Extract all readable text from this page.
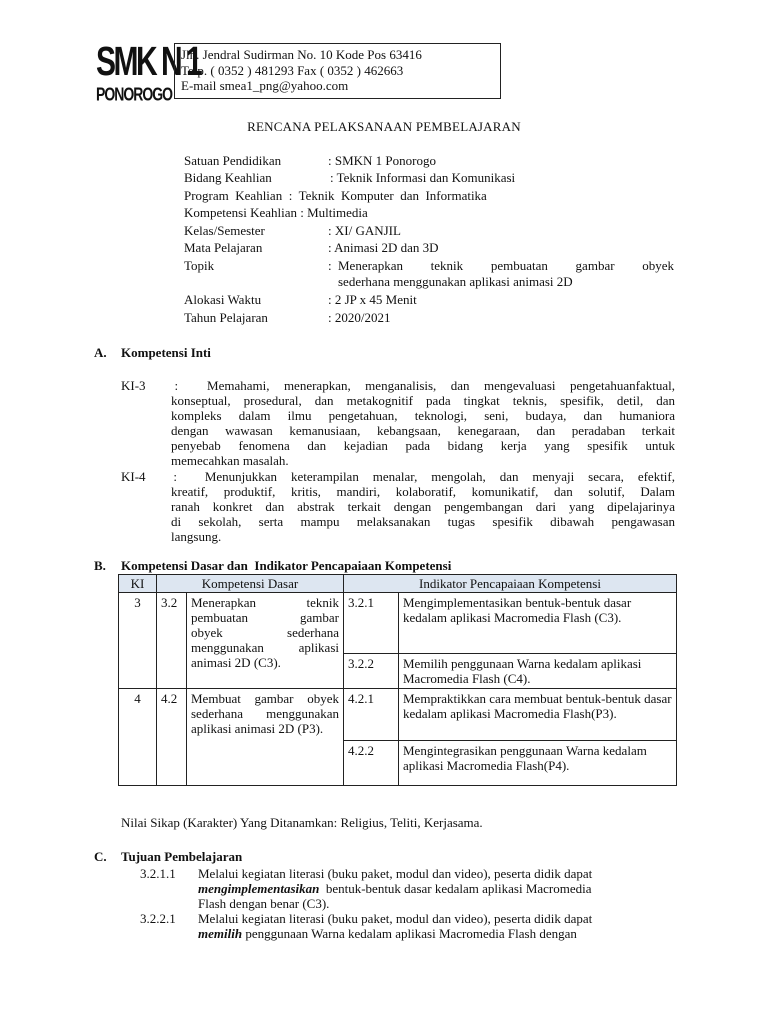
SMK N 1
PONOROGO
Jln. Jendral Sudirman No. 10 Kode Pos 63416
Telp. ( 0352 ) 481293 Fax ( 0352 ) 462663
E-mail smea1_png@yahoo.com
RENCANA PELAKSANAAN PEMBELAJARAN
Satuan Pendidikan	: SMKN 1 Ponorogo
Bidang Keahlian	: Teknik Informasi dan Komunikasi
Program  Keahlian  :  Teknik  Komputer  dan  Informatika
Kompetensi Keahlian : Multimedia
Kelas/Semester	: XI/ GANJIL
Mata Pelajaran	: Animasi 2D dan 3D
Topik	: Menerapkan   teknik   pembuatan   gambar   obyek
sederhana menggunakan aplikasi animasi 2D
Alokasi Waktu	: 2 JP x 45 Menit
Tahun Pelajaran	: 2020/2021
A. Kompetensi Inti
KI-3  :  Memahami, menerapkan, menganalisis, dan mengevaluasi pengetahuanfaktual,
konseptual, prosedural, dan metakognitif pada tingkat teknis, spesifik, detil, dan
kompleks dalam ilmu pengetahuan, teknologi, seni, budaya, dan humaniora
dengan wawasan kemanusiaan, kebangsaan, kenegaraan, dan peradaban terkait
penyebab fenomena dan kejadian pada bidang kerja yang spesifik untuk
memecahkan masalah.
KI-4  :  Menunjukkan keterampilan menalar, mengolah, dan menyaji secara, efektif,
kreatif, produktif, kritis, mandiri, kolaboratif, komunikatif, dan solutif, Dalam
ranah konkret dan abstrak terkait dengan pengembangan dari yang dipelajarinya
di sekolah, serta mampu melaksanakan tugas spesifik dibawah pengawasan
langsung.
B. Kompetensi Dasar dan  Indikator Pencapaiaan Kompetensi
KI	Kompetensi Dasar		Indikator Pencapaiaan Kompetensi	
3	3.2	Menerapkan     teknik
pembuatan      gambar
obyek      sederhana
menggunakan aplikasi
animasi 2D (C3).	3.2.1	Mengimplementasikan bentuk-bentuk dasar kedalam aplikasi Macromedia Flash (C3).
			3.2.2	Memilih penggunaan Warna kedalam aplikasi Macromedia Flash (C4).
4	4.2	Membuat gambar obyek sederhana menggunakan aplikasi animasi 2D (P3).	4.2.1	Mempraktikkan cara membuat bentuk-bentuk dasar kedalam aplikasi Macromedia Flash(P3).
			4.2.2	Mengintegrasikan penggunaan Warna kedalam aplikasi Macromedia Flash(P4).
Nilai Sikap (Karakter) Yang Ditanamkan: Religius, Teliti, Kerjasama.
C. Tujuan Pembelajaran
3.2.1.1 Melalui kegiatan literasi (buku paket, modul dan video), peserta didik dapat
mengimplementasikan  bentuk-bentuk dasar kedalam aplikasi Macromedia
Flash dengan benar (C3).
3.2.2.1 Melalui kegiatan literasi (buku paket, modul dan video), peserta didik dapat
memilih penggunaan Warna kedalam aplikasi Macromedia Flash dengan
